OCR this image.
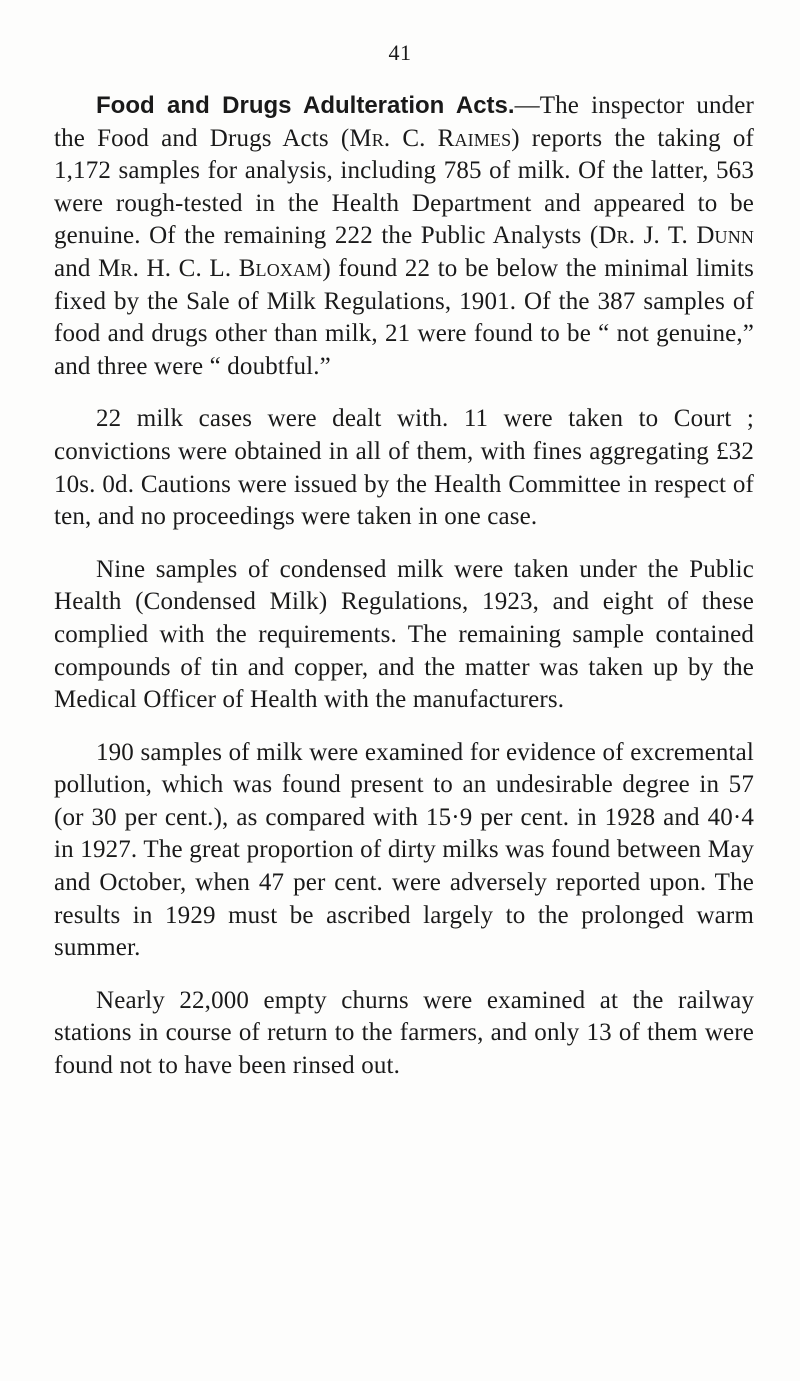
41

Food and Drugs Adulteration Acts.—The inspector under the Food and Drugs Acts (Mr. C. Raimes) reports the taking of 1,172 samples for analysis, including 785 of milk. Of the latter, 563 were rough-tested in the Health Department and appeared to be genuine. Of the remaining 222 the Public Analysts (Dr. J. T. Dunn and Mr. H. C. L. Bloxam) found 22 to be below the minimal limits fixed by the Sale of Milk Regulations, 1901. Of the 387 samples of food and drugs other than milk, 21 were found to be “ not genuine,” and three were “ doubtful.”

22 milk cases were dealt with. 11 were taken to Court ; convictions were obtained in all of them, with fines aggregating £32 10s. 0d. Cautions were issued by the Health Committee in respect of ten, and no proceedings were taken in one case.

Nine samples of condensed milk were taken under the Public Health (Condensed Milk) Regulations, 1923, and eight of these complied with the requirements. The remaining sample contained compounds of tin and copper, and the matter was taken up by the Medical Officer of Health with the manufacturers.

190 samples of milk were examined for evidence of excremental pollution, which was found present to an undesirable degree in 57 (or 30 per cent.), as compared with 15·9 per cent. in 1928 and 40·4 in 1927. The great proportion of dirty milks was found between May and October, when 47 per cent. were adversely reported upon. The results in 1929 must be ascribed largely to the prolonged warm summer.

Nearly 22,000 empty churns were examined at the railway stations in course of return to the farmers, and only 13 of them were found not to have been rinsed out.
